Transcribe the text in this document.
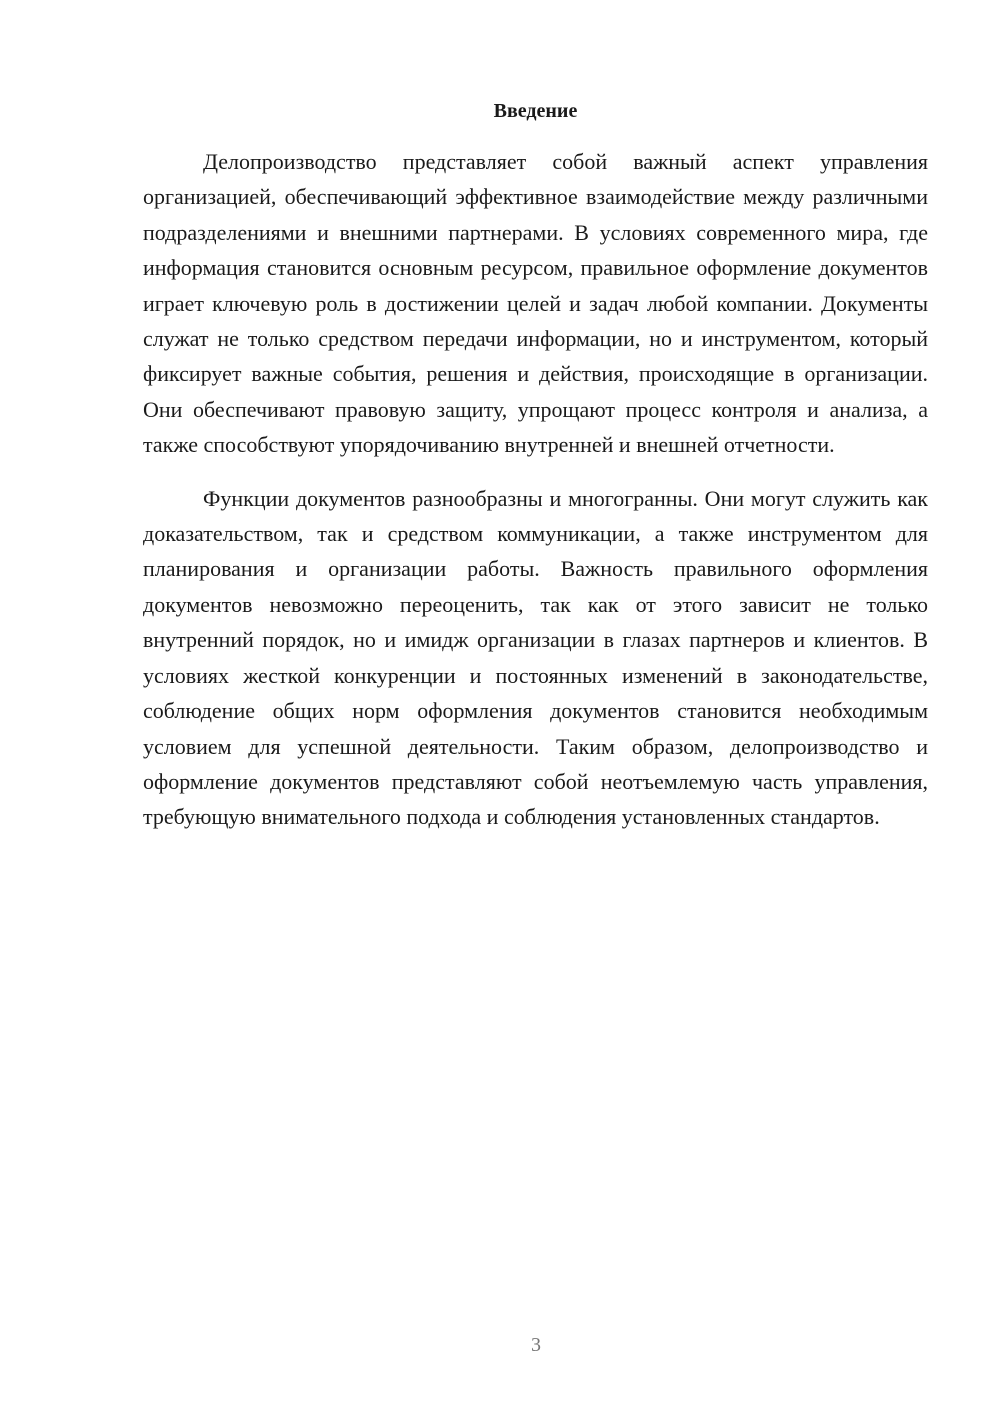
Введение

Делопроизводство представляет собой важный аспект управления организацией, обеспечивающий эффективное взаимодействие между различными подразделениями и внешними партнерами. В условиях современного мира, где информация становится основным ресурсом, правильное оформление документов играет ключевую роль в достижении целей и задач любой компании. Документы служат не только средством передачи информации, но и инструментом, который фиксирует важные события, решения и действия, происходящие в организации. Они обеспечивают правовую защиту, упрощают процесс контроля и анализа, а также способствуют упорядочиванию внутренней и внешней отчетности.

Функции документов разнообразны и многогранны. Они могут служить как доказательством, так и средством коммуникации, а также инструментом для планирования и организации работы. Важность правильного оформления документов невозможно переоценить, так как от этого зависит не только внутренний порядок, но и имидж организации в глазах партнеров и клиентов. В условиях жесткой конкуренции и постоянных изменений в законодательстве, соблюдение общих норм оформления документов становится необходимым условием для успешной деятельности. Таким образом, делопроизводство и оформление документов представляют собой неотъемлемую часть управления, требующую внимательного подхода и соблюдения установленных стандартов.

3
